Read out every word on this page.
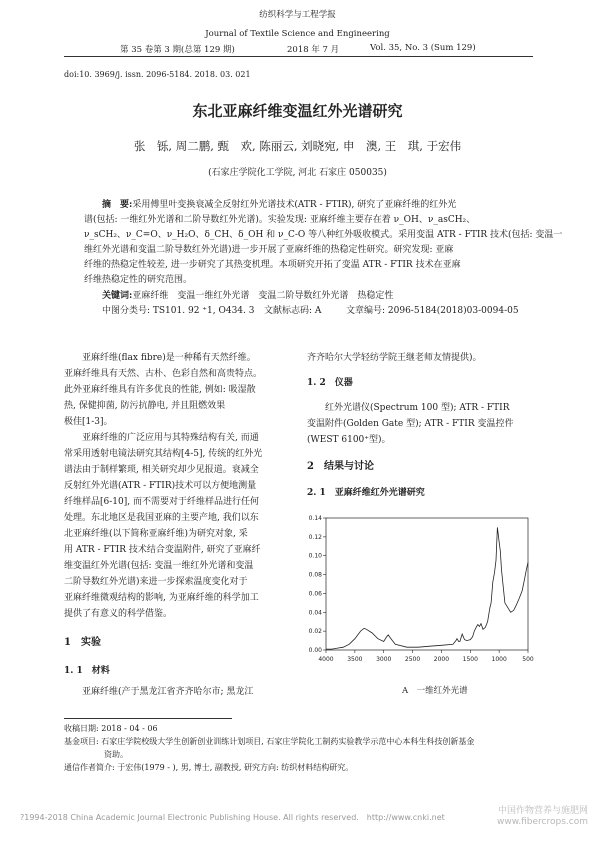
纺织科学与工程学报
Journal of Textile Science and Engineering
第 35 卷第 3 期(总第 129 期)	2018 年 7 月	Vol. 35, No. 3 (Sum 129)
doi:10. 3969/j. issn. 2096-5184. 2018. 03. 021
东北亚麻纤维变温红外光谱研究
张　铄, 周二鹏, 甄　欢, 陈丽云, 刘晓宛, 申　澳, 王　琪, 于宏伟
(石家庄学院化工学院, 河北 石家庄 050035)
摘　要:采用傅里叶变换衰减全反射红外光谱技术(ATR - FTIR), 研究了亚麻纤维的红外光
谱(包括: 一维红外光谱和二阶导数红外光谱)。实验发现: 亚麻纤维主要存在着 ν_OH、ν_asCH₂、
ν_sCH₂、ν_C=O、ν_H₂O、δ_CH、δ_OH 和 ν_C-O 等八种红外吸收模式。采用变温 ATR - FTIR 技术(包括: 变温一
维红外光谱和变温二阶导数红外光谱)进一步开展了亚麻纤维的热稳定性研究。研究发现: 亚麻
纤维的热稳定性较差, 进一步研究了其热变机理。本项研究开拓了变温 ATR - FTIR 技术在亚麻
纤维热稳定性的研究范围。
关键词:亚麻纤维　变温一维红外光谱　变温二阶导数红外光谱　热稳定性
中图分类号: TS101. 92 ⁺1, O434. 3 文献标志码: A	文章编号: 2096-5184(2018)03-0094-05
亚麻纤维(flax fibre)是一种稀有天然纤维。
亚麻纤维具有天然、古朴、色彩自然和高贵特点。
此外亚麻纤维具有许多优良的性能, 例如: 吸湿散
热, 保健抑菌, 防污抗静电, 并且阻燃效果
极佳[1-3]。
亚麻纤维的广泛应用与其特殊结构有关, 而通
常采用透射电镜法研究其结构[4-5], 传统的红外光
谱法由于制样繁琐, 相关研究却少见报道。衰减全
反射红外光谱(ATR - FTIR)技术可以方便地测量
纤维样品[6-10], 而不需要对于纤维样品进行任何
处理。东北地区是我国亚麻的主要产地, 我们以东
北亚麻纤维(以下简称亚麻纤维)为研究对象, 采
用 ATR - FTIR 技术结合变温附件, 研究了亚麻纤
维变温红外光谱(包括: 变温一维红外光谱和变温
二阶导数红外光谱)来进一步探索温度变化对于
亚麻纤维微观结构的影响, 为亚麻纤维的科学加工
提供了有意义的科学借鉴。
1　实验
1. 1　材料
亚麻纤维(产于黑龙江省齐齐哈尔市; 黑龙江
齐齐哈尔大学轻纺学院王继老师友情提供)。
1. 2　仪器
红外光谱仪(Spectrum 100 型); ATR - FTIR
变温附件(Golden Gate 型); ATR - FTIR 变温控件
(WEST 6100⁺型)。
2　结果与讨论
2. 1　亚麻纤维红外光谱研究
4000 3500 3000 2500 2000 1500 1000	500
0.00
0.02
0.04
0.06
0.08
0.10
0.12
0.14
A　一维红外光谱
收稿日期: 2018 - 04 - 06
基金项目: 石家庄学院校级大学生创新创业训练计划项目, 石家庄学院化工制药实验教学示范中心本科生科技创新基金
资助。
通信作者简介: 于宏伟(1979 - ), 男, 博士, 副教授, 研究方向: 纺织材料结构研究。
?1994-2018 China Academic Journal Electronic Publishing House. All rights reserved.　http://www.cnki.net
中国作物营养与施肥网 www.fibercrops.com
